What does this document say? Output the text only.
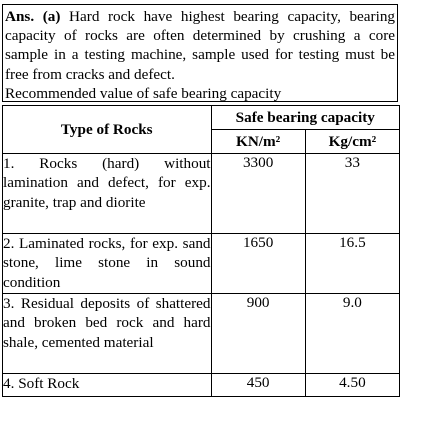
Ans. (a) Hard rock have highest bearing capacity, bearing capacity of rocks are often determined by crushing a core sample in a testing machine, sample used for testing must be free from cracks and defect.
Recommended value of safe bearing capacity
Type of Rocks	Safe bearing capacity	
	KN/m²	Kg/cm²
1. Rocks (hard) without lamination and defect, for exp. granite, trap and diorite	3300	33
2. Laminated rocks, for exp. sand stone, lime stone in sound condition	1650	16.5
3. Residual deposits of shattered and broken bed rock and hard shale, cemented material	900	9.0
4. Soft Rock	450	4.50
